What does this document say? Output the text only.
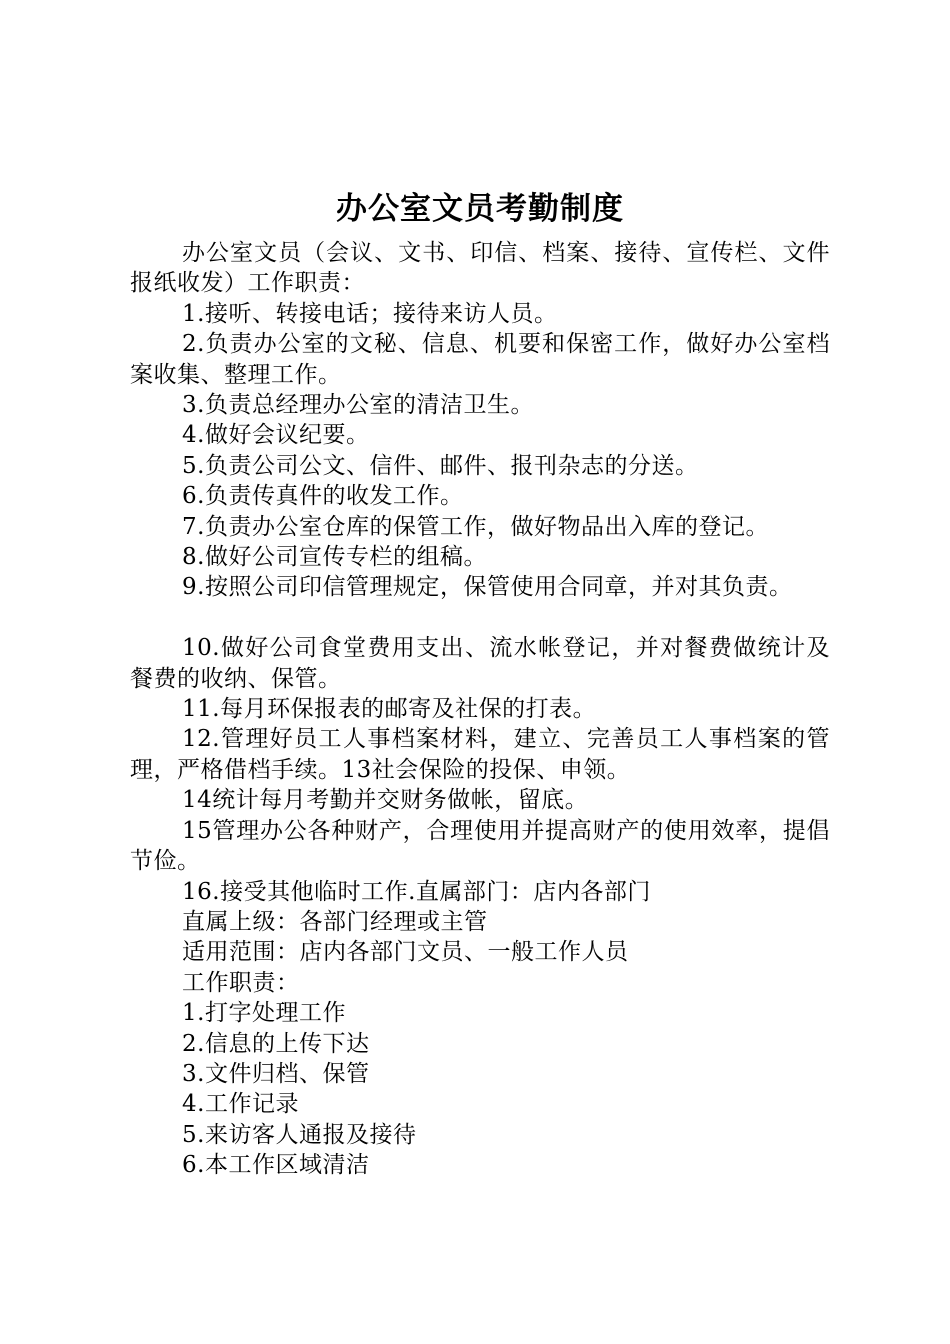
办公室文员考勤制度

办公室文员（会议、文书、印信、档案、接待、宣传栏、文件报纸收发）工作职责：

1.接听、转接电话；接待来访人员。

2.负责办公室的文秘、信息、机要和保密工作，做好办公室档案收集、整理工作。

3.负责总经理办公室的清洁卫生。

4.做好会议纪要。

5.负责公司公文、信件、邮件、报刊杂志的分送。

6.负责传真件的收发工作。

7.负责办公室仓库的保管工作，做好物品出入库的登记。

8.做好公司宣传专栏的组稿。

9.按照公司印信管理规定，保管使用合同章，并对其负责。

10.做好公司食堂费用支出、流水帐登记，并对餐费做统计及餐费的收纳、保管。

11.每月环保报表的邮寄及社保的打表。

12.管理好员工人事档案材料，建立、完善员工人事档案的管理，严格借档手续。13社会保险的投保、申领。

14统计每月考勤并交财务做帐，留底。

15管理办公各种财产，合理使用并提高财产的使用效率，提倡节俭。

16.接受其他临时工作.直属部门：店内各部门

直属上级：各部门经理或主管

适用范围：店内各部门文员、一般工作人员

工作职责：

1.打字处理工作

2.信息的上传下达

3.文件归档、保管

4.工作记录

5.来访客人通报及接待

6.本工作区域清洁
